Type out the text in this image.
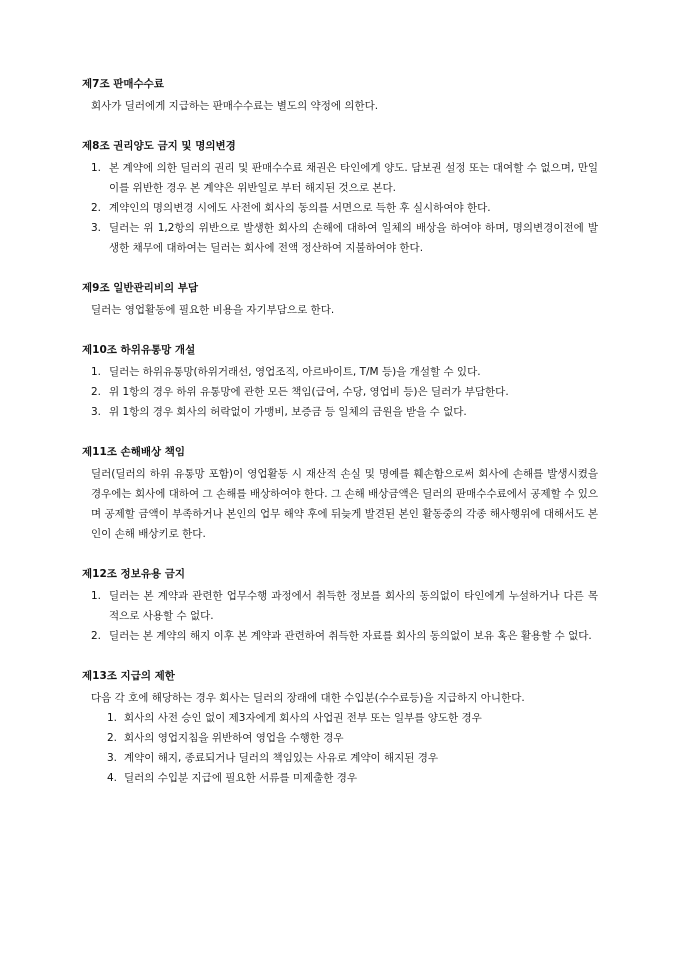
제7조 판매수수료

회사가 딜러에게 지급하는 판매수수료는 별도의 약정에 의한다.

제8조 권리양도 금지 및 명의변경
1. 본 계약에 의한 딜러의 권리 및 판매수수료 채권은 타인에게 양도. 담보권 설정 또는 대여할 수 없으며, 만일 이를 위반한 경우 본 계약은 위반일로 부터 해지된 것으로 본다.
2. 계약인의 명의변경 시에도 사전에 회사의 동의를 서면으로 득한 후 실시하여야 한다.
3. 딜러는 위 1,2항의 위반으로 발생한 회사의 손해에 대하여 일체의 배상을 하여야 하며, 명의변경이전에 발생한 채무에 대하여는 딜러는 회사에 전액 정산하여 지불하여야 한다.
제9조 일반관리비의 부담

딜러는 영업활동에 필요한 비용을 자기부담으로 한다.

제10조 하위유통망 개설
1. 딜러는 하위유통망(하위거래선, 영업조직, 아르바이트, T/M 등)을 개설할 수 있다.
2. 위 1항의 경우 하위 유통망에 관한 모든 책임(급여, 수당, 영업비 등)은 딜러가 부담한다.
3. 위 1항의 경우 회사의 허락없이 가맹비, 보증금 등 일체의 금원을 받을 수 없다.
제11조 손해배상 책임

딜러(딜러의 하위 유통망 포함)이 영업활동 시 재산적 손실 및 명예를 훼손함으로써 회사에 손해를 발생시켰을 경우에는 회사에 대하여 그 손해를 배상하여야 한다. 그 손해 배상금액은 딜러의 판매수수료에서 공제할 수 있으며 공제할 금액이 부족하거나 본인의 업무 해약 후에 뒤늦게 발견된 본인 활동중의 각종 해사행위에 대해서도 본인이 손해 배상키로 한다.

제12조 정보유용 금지
1. 딜러는 본 계약과 관련한 업무수행 과정에서 취득한 정보를 회사의 동의없이 타인에게 누설하거나 다른 목적으로 사용할 수 없다.
2. 딜러는 본 계약의 해지 이후 본 계약과 관련하여 취득한 자료를 회사의 동의없이 보유 혹은 활용할 수 없다.
제13조 지급의 제한

다음 각 호에 해당하는 경우 회사는 딜러의 장래에 대한 수입분(수수료등)을 지급하지 아니한다.

1. 회사의 사전 승인 없이 제3자에게 회사의 사업권 전부 또는 일부를 양도한 경우
2. 회사의 영업지침을 위반하여 영업을 수행한 경우
3. 계약이 해지, 종료되거나 딜러의 책임있는 사유로 계약이 해지된 경우
4. 딜러의 수입분 지급에 필요한 서류를 미제출한 경우
